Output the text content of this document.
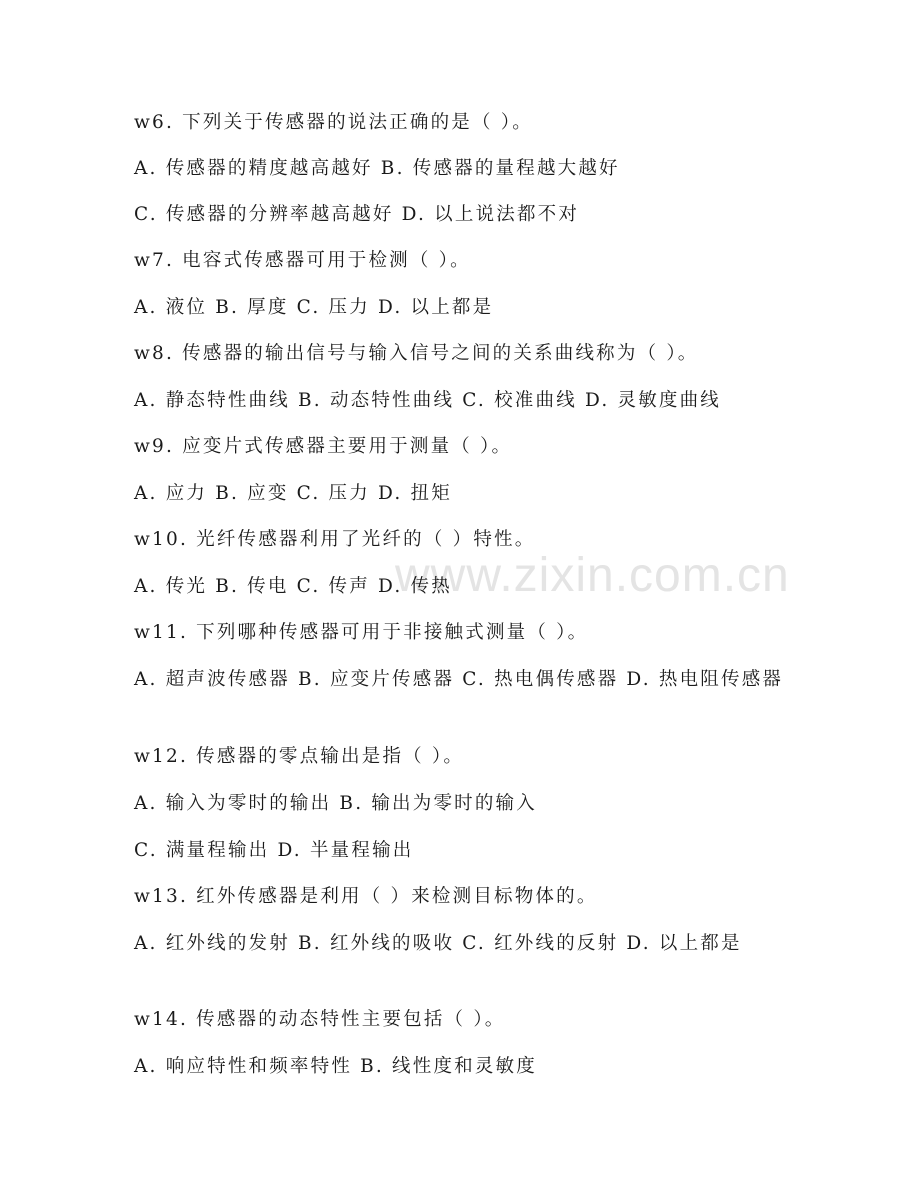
www.zixin.com.cn
w6. 下列关于传感器的说法正确的是（ ）。
A. 传感器的精度越高越好 B. 传感器的量程越大越好
C. 传感器的分辨率越高越好 D. 以上说法都不对
w7. 电容式传感器可用于检测（ ）。
A. 液位 B. 厚度 C. 压力 D. 以上都是
w8. 传感器的输出信号与输入信号之间的关系曲线称为（ ）。
A. 静态特性曲线 B. 动态特性曲线 C. 校准曲线 D. 灵敏度曲线
w9. 应变片式传感器主要用于测量（ ）。
A. 应力 B. 应变 C. 压力 D. 扭矩
w10. 光纤传感器利用了光纤的（ ）特性。
A. 传光 B. 传电 C. 传声 D. 传热
w11. 下列哪种传感器可用于非接触式测量（ ）。
A. 超声波传感器 B. 应变片传感器 C. 热电偶传感器 D. 热电阻传感器
w12. 传感器的零点输出是指（ ）。
A. 输入为零时的输出 B. 输出为零时的输入
C. 满量程输出 D. 半量程输出
w13. 红外传感器是利用（ ）来检测目标物体的。
A. 红外线的发射 B. 红外线的吸收 C. 红外线的反射 D. 以上都是
w14. 传感器的动态特性主要包括（ ）。
A. 响应特性和频率特性 B. 线性度和灵敏度
